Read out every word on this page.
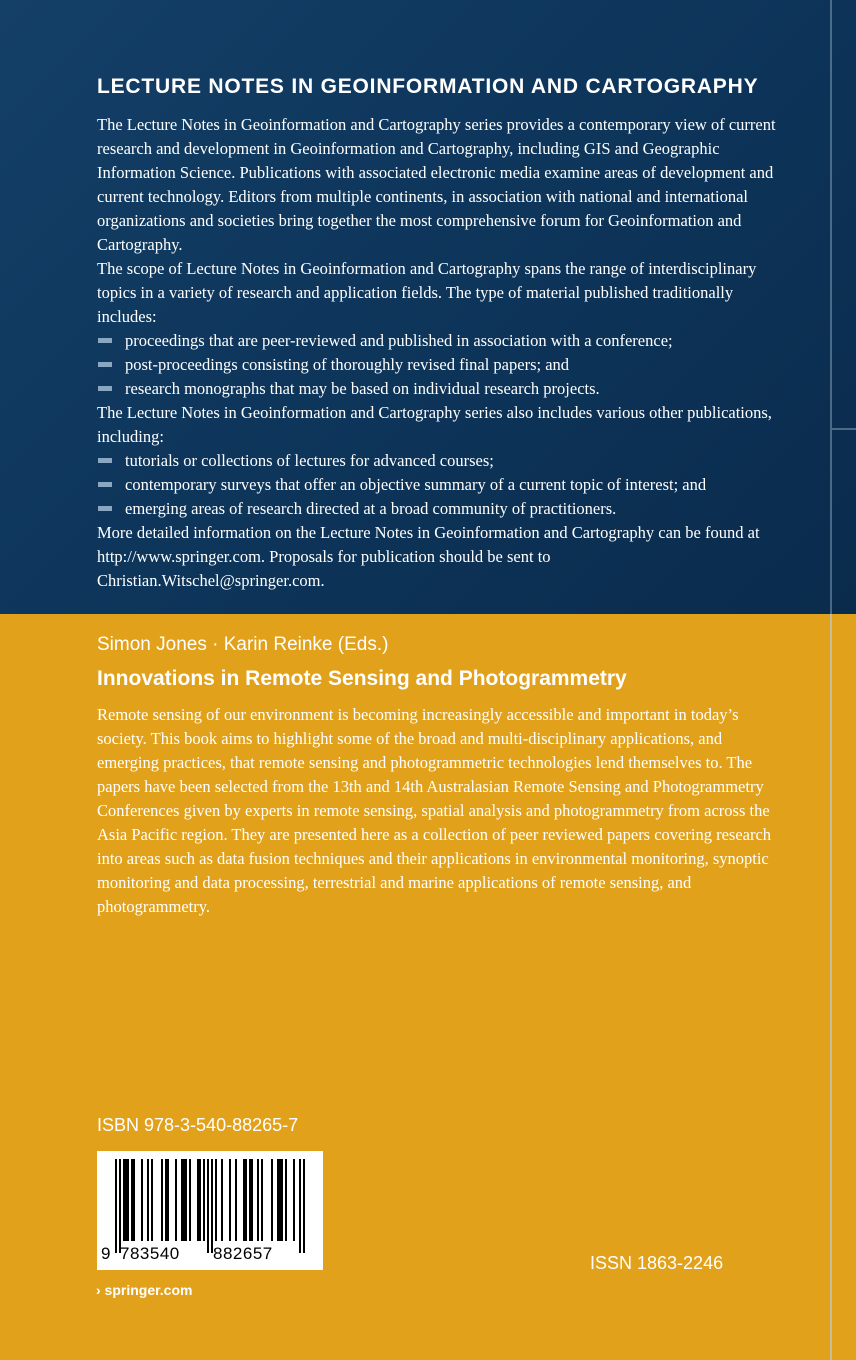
LECTURE NOTES IN GEOINFORMATION AND CARTOGRAPHY

The Lecture Notes in Geoinformation and Cartography series provides a contemporary view of current research and development in Geoinformation and Cartography, including GIS and Geographic Information Science. Publications with associated electronic media examine areas of development and current technology. Editors from multiple continents, in association with national and international organizations and societies bring together the most comprehensive forum for Geoinformation and Cartography.

The scope of Lecture Notes in Geoinformation and Cartography spans the range of interdisciplinary topics in a variety of research and application fields. The type of material published traditionally includes:

proceedings that are peer-reviewed and published in association with a conference;
post-proceedings consisting of thoroughly revised final papers; and
research monographs that may be based on individual research projects.

The Lecture Notes in Geoinformation and Cartography series also includes various other publications, including:

tutorials or collections of lectures for advanced courses;
contemporary surveys that offer an objective summary of a current topic of interest; and
emerging areas of research directed at a broad community of practitioners.

More detailed information on the Lecture Notes in Geoinformation and Cartography can be found at http://www.springer.com. Proposals for publication should be sent to Christian.Witschel@springer.com.

Simon Jones · Karin Reinke (Eds.)

Innovations in Remote Sensing and Photogrammetry

Remote sensing of our environment is becoming increasingly accessible and important in today’s society. This book aims to highlight some of the broad and multi-disciplinary applications, and emerging practices, that remote sensing and photogrammetric technologies lend themselves to. The papers have been selected from the 13th and 14th Australasian Remote Sensing and Photogrammetry Conferences given by experts in remote sensing, spatial analysis and photogrammetry from across the Asia Pacific region. They are presented here as a collection of peer reviewed papers covering research into areas such as data fusion techniques and their applications in environmental monitoring, synoptic monitoring and data processing, terrestrial and marine applications of remote sensing, and photogrammetry.

ISBN 978-3-540-88265-7

9 783540 882657

› springer.com

ISSN 1863-2246
